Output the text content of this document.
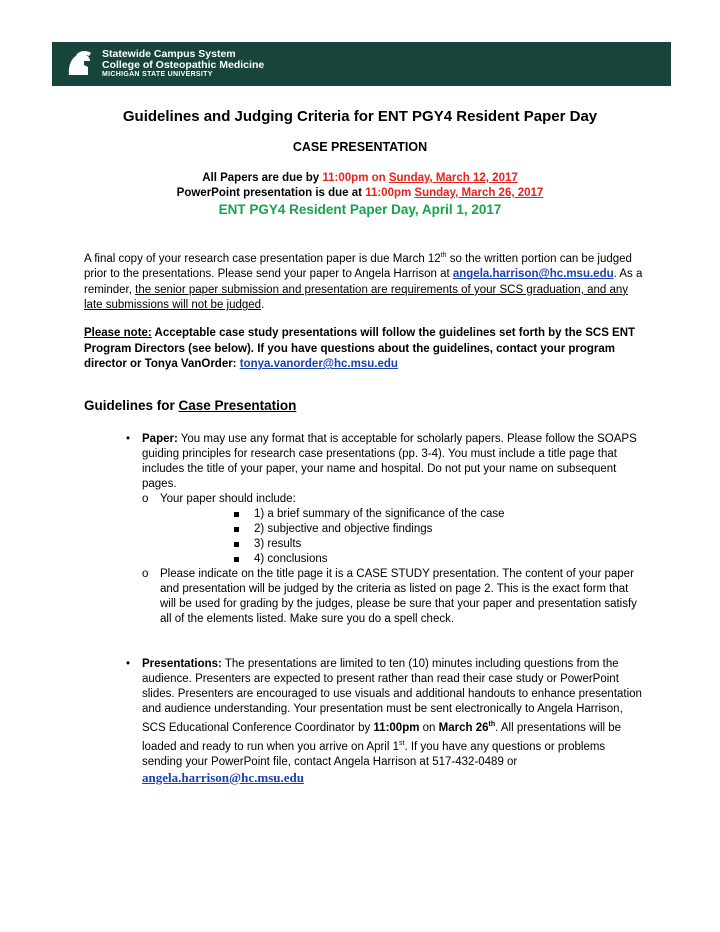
Statewide Campus System
College of Osteopathic Medicine
MICHIGAN STATE UNIVERSITY
Guidelines and Judging Criteria for ENT PGY4 Resident Paper Day
CASE PRESENTATION
All Papers are due by 11:00pm on Sunday, March 12, 2017
PowerPoint presentation is due at 11:00pm Sunday, March 26, 2017
ENT PGY4 Resident Paper Day, April 1, 2017
A final copy of your research case presentation paper is due March 12th so the written portion can be judged prior to the presentations. Please send your paper to Angela Harrison at angela.harrison@hc.msu.edu. As a reminder, the senior paper submission and presentation are requirements of your SCS graduation, and any late submissions will not be judged.
Please note: Acceptable case study presentations will follow the guidelines set forth by the SCS ENT Program Directors (see below). If you have questions about the guidelines, contact your program director or Tonya VanOrder: tonya.vanorder@hc.msu.edu
Guidelines for Case Presentation
• Paper: You may use any format that is acceptable for scholarly papers. Please follow the SOAPS guiding principles for research case presentations (pp. 3-4). You must include a title page that includes the title of your paper, your name and hospital. Do not put your name on subsequent pages.
o Your paper should include:
1) a brief summary of the significance of the case
2) subjective and objective findings
3) results
4) conclusions
o Please indicate on the title page it is a CASE STUDY presentation. The content of your paper and presentation will be judged by the criteria as listed on page 2. This is the exact form that will be used for grading by the judges, please be sure that your paper and presentation satisfy all of the elements listed. Make sure you do a spell check.
• Presentations: The presentations are limited to ten (10) minutes including questions from the audience. Presenters are expected to present rather than read their case study or PowerPoint slides. Presenters are encouraged to use visuals and additional handouts to enhance presentation and audience understanding. Your presentation must be sent electronically to Angela Harrison, SCS Educational Conference Coordinator by 11:00pm on March 26th. All presentations will be loaded and ready to run when you arrive on April 1st. If you have any questions or problems sending your PowerPoint file, contact Angela Harrison at 517-432-0489 or
angela.harrison@hc.msu.edu
